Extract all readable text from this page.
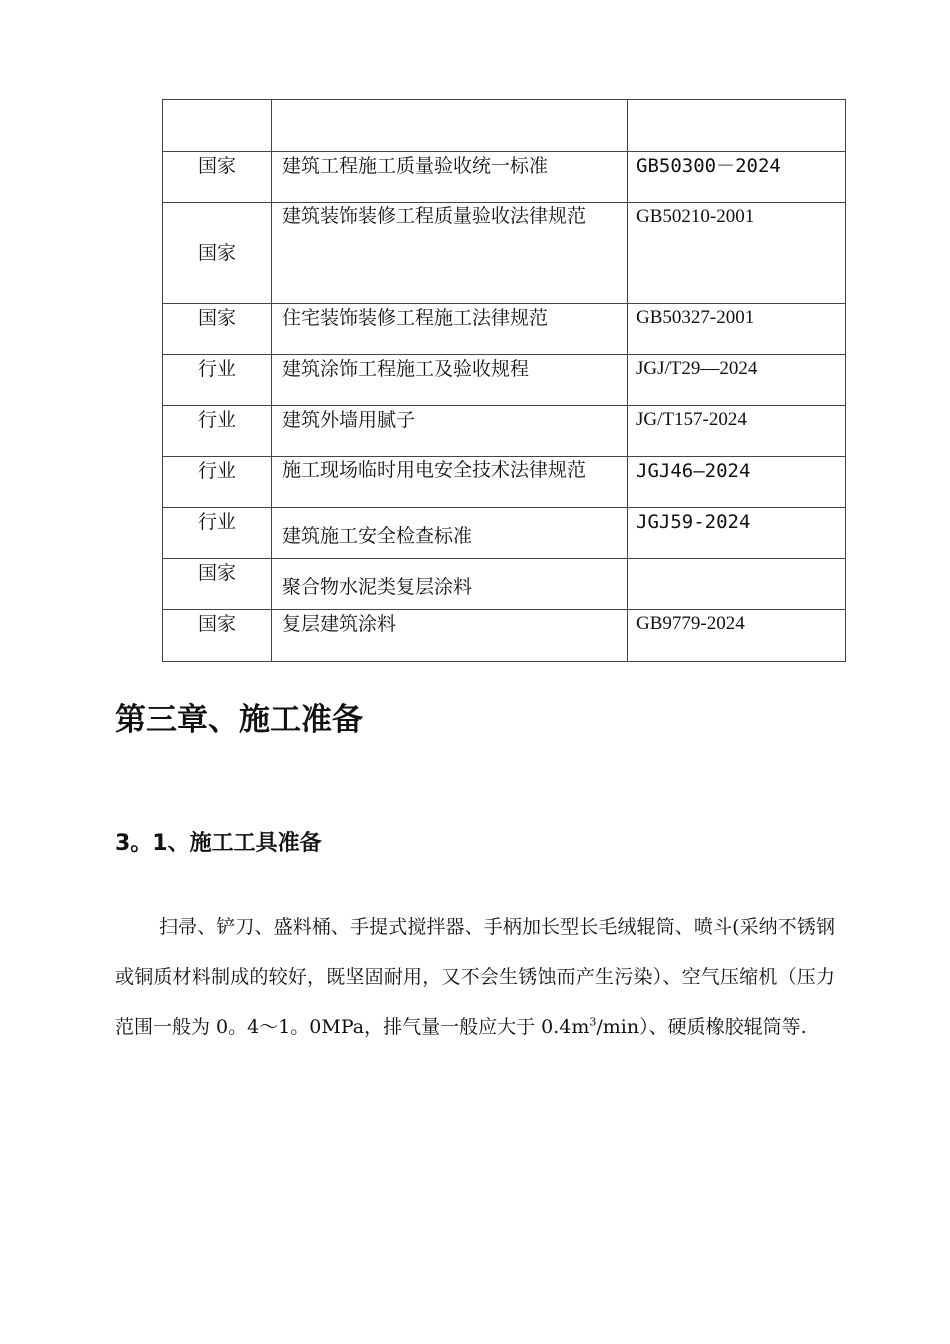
国家	建筑工程施工质量验收统一标准	GB50300－2024

国家	建筑装饰装修工程质量验收法律规范	GB50210-2001

国家	住宅装饰装修工程施工法律规范	GB50327-2001

行业	建筑涂饰工程施工及验收规程	JGJ/T29—2024

行业	建筑外墙用腻子	JG/T157-2024

行业	施工现场临时用电安全技术法律规范	JGJ46—2024

行业	建筑施工安全检查标准	JGJ59-2024

国家	聚合物水泥类复层涂料	

国家	复层建筑涂料	GB9779-2024
第三章、施工准备
3。1、施工工具准备

扫帚、铲刀、盛料桶、手提式搅拌器、手柄加长型长毛绒辊筒、喷斗(采纳不锈钢或铜质材料制成的较好，既坚固耐用，又不会生锈蚀而产生污染）、空气压缩机（压力范围一般为 0。4～1。0MPa，排气量一般应大于 $0.4m^3/\min$）、硬质橡胶辊筒等.
